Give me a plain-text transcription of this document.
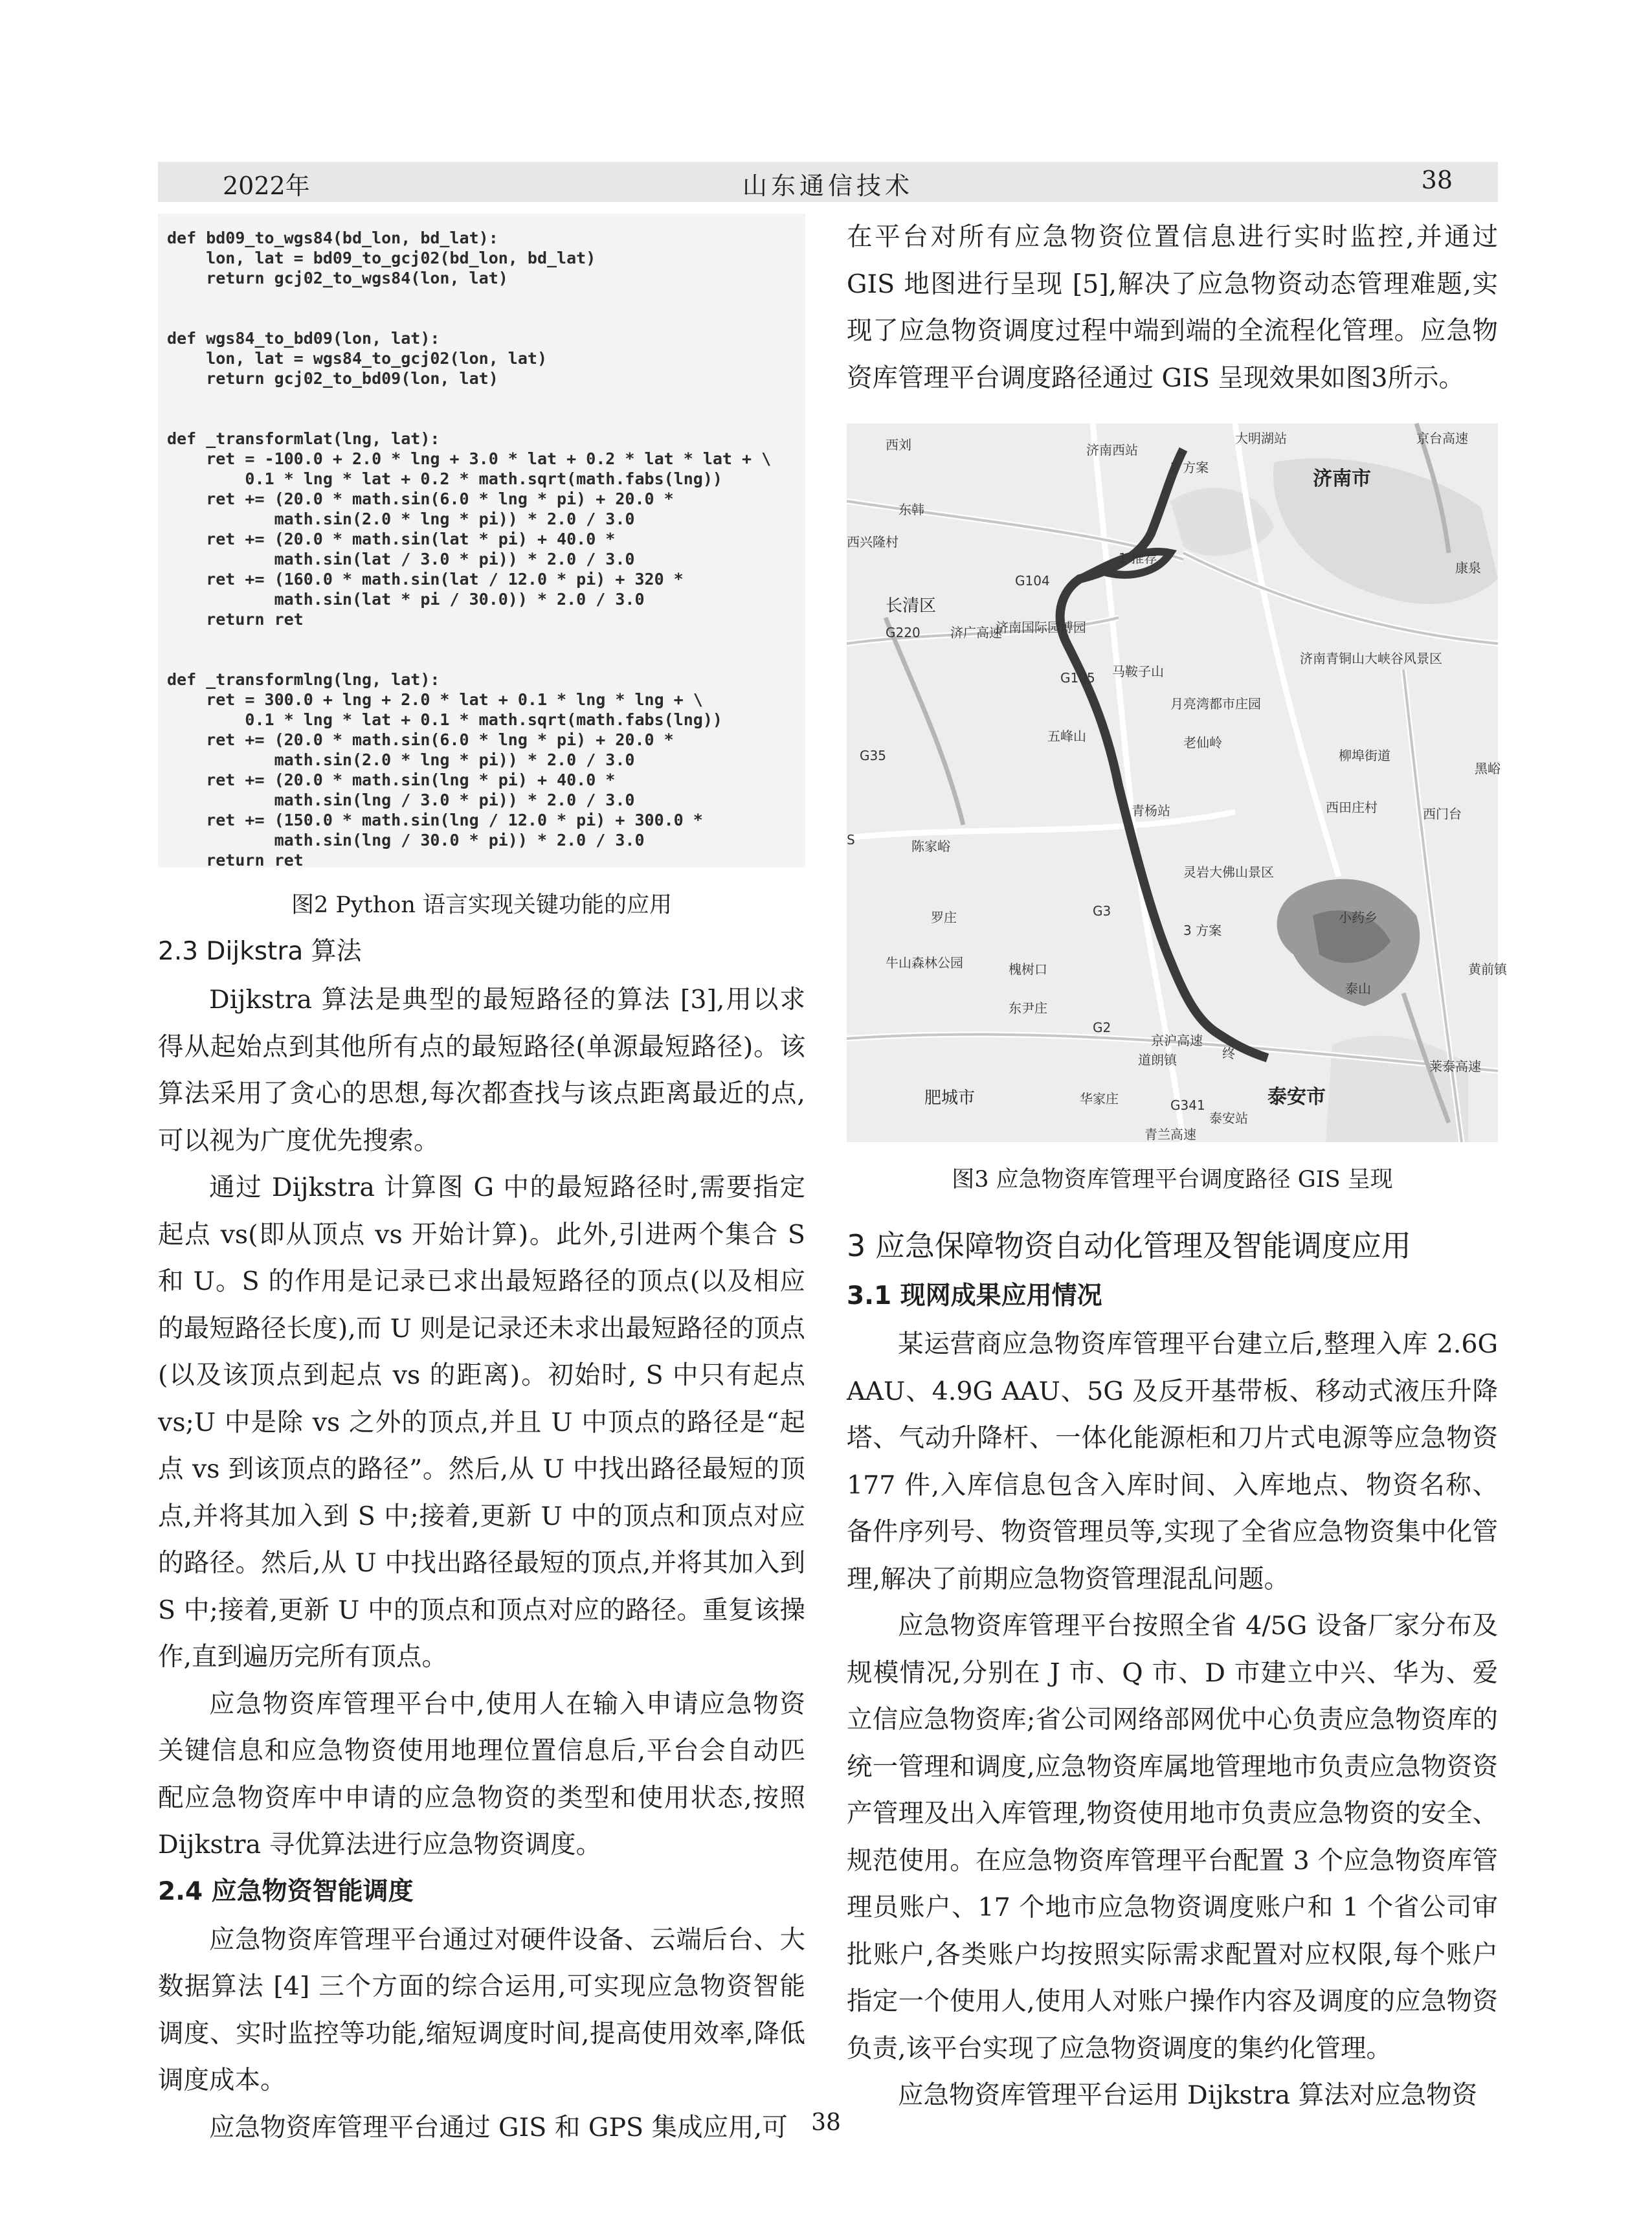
2022年	山东通信技术	38
def bd09_to_wgs84(bd_lon, bd_lat):
lon, lat = bd09_to_gcj02(bd_lon, bd_lat)
return gcj02_to_wgs84(lon, lat)

def wgs84_to_bd09(lon, lat):
lon, lat = wgs84_to_gcj02(lon, lat)
return gcj02_to_bd09(lon, lat)

def _transformlat(lng, lat):
ret = -100.0 + 2.0 * lng + 3.0 * lat + 0.2 * lat * lat + \
0.1 * lng * lat + 0.2 * math.sqrt(math.fabs(lng))
ret += (20.0 * math.sin(6.0 * lng * pi) + 20.0 *
math.sin(2.0 * lng * pi)) * 2.0 / 3.0
ret += (20.0 * math.sin(lat * pi) + 40.0 *
math.sin(lat / 3.0 * pi)) * 2.0 / 3.0
ret += (160.0 * math.sin(lat / 12.0 * pi) + 320 *
math.sin(lat * pi / 30.0)) * 2.0 / 3.0
return ret

def _transformlng(lng, lat):
ret = 300.0 + lng + 2.0 * lat + 0.1 * lng * lng + \
0.1 * lng * lat + 0.1 * math.sqrt(math.fabs(lng))
ret += (20.0 * math.sin(6.0 * lng * pi) + 20.0 *
math.sin(2.0 * lng * pi)) * 2.0 / 3.0
ret += (20.0 * math.sin(lng * pi) + 40.0 *
math.sin(lng / 3.0 * pi)) * 2.0 / 3.0
ret += (150.0 * math.sin(lng / 12.0 * pi) + 300.0 *
math.sin(lng / 30.0 * pi)) * 2.0 / 3.0
return ret
图2 Python 语言实现关键功能的应用
2.3 Dijkstra 算法

Dijkstra 算法是典型的最短路径的算法 [3],用以求得从起始点到其他所有点的最短路径(单源最短路径)。该算法采用了贪心的思想,每次都查找与该点距离最近的点,可以视为广度优先搜索。

通过 Dijkstra 计算图 G 中的最短路径时,需要指定起点 vs(即从顶点 vs 开始计算)。此外,引进两个集合 S 和 U。S 的作用是记录已求出最短路径的顶点(以及相应的最短路径长度),而 U 则是记录还未求出最短路径的顶点(以及该顶点到起点 vs 的距离)。初始时, S 中只有起点 vs;U 中是除 vs 之外的顶点,并且 U 中顶点的路径是“起点 vs 到该顶点的路径”。然后,从 U 中找出路径最短的顶点,并将其加入到 S 中;接着,更新 U 中的顶点和顶点对应的路径。然后,从 U 中找出路径最短的顶点,并将其加入到 S 中;接着,更新 U 中的顶点和顶点对应的路径。重复该操作,直到遍历完所有顶点。

应急物资库管理平台中,使用人在输入申请应急物资关键信息和应急物资使用地理位置信息后,平台会自动匹配应急物资库中申请的应急物资的类型和使用状态,按照 Dijkstra 寻优算法进行应急物资调度。

2.4 应急物资智能调度

应急物资库管理平台通过对硬件设备、云端后台、大数据算法 [4] 三个方面的综合运用,可实现应急物资智能调度、实时监控等功能,缩短调度时间,提高使用效率,降低调度成本。

应急物资库管理平台通过 GIS 和 GPS 集成应用,可

在平台对所有应急物资位置信息进行实时监控,并通过 GIS 地图进行呈现 [5],解决了应急物资动态管理难题,实现了应急物资调度过程中端到端的全流程化管理。应急物资库管理平台调度路径通过 GIS 呈现效果如图3所示。

西刘	济南西站
大明湖站	京台高速
2 方案	济南市
东韩
西兴隆村
1 推荐
康泉
长清区
济南国际园博园
济广高速
济南青铜山大峡谷风景区
马鞍子山
月亮湾都市庄园
五峰山	老仙岭
柳埠街道
黑峪
青杨站	西田庄村	西门台
陈家峪
灵岩大佛山景区
罗庄	小药乡
3 方案
牛山森林公园	槐树口	黄前镇
泰山
东尹庄
道朗镇	终
莱泰高速
肥城市	华家庄	泰安市
泰安站
青兰高速
京沪高速
G104
G220
G105
G35
G3
G341
G2
S
图3 应急物资库管理平台调度路径 GIS 呈现
3 应急保障物资自动化管理及智能调度应用
3.1 现网成果应用情况

某运营商应急物资库管理平台建立后,整理入库 2.6G AAU、4.9G AAU、5G 及反开基带板、移动式液压升降塔、气动升降杆、一体化能源柜和刀片式电源等应急物资 177 件,入库信息包含入库时间、入库地点、物资名称、备件序列号、物资管理员等,实现了全省应急物资集中化管理,解决了前期应急物资管理混乱问题。

应急物资库管理平台按照全省 4/5G 设备厂家分布及规模情况,分别在 J 市、Q 市、D 市建立中兴、华为、爱立信应急物资库;省公司网络部网优中心负责应急物资库的统一管理和调度,应急物资库属地管理地市负责应急物资资产管理及出入库管理,物资使用地市负责应急物资的安全、规范使用。在应急物资库管理平台配置 3 个应急物资库管理员账户、17 个地市应急物资调度账户和 1 个省公司审批账户,各类账户均按照实际需求配置对应权限,每个账户指定一个使用人,使用人对账户操作内容及调度的应急物资负责,该平台实现了应急物资调度的集约化管理。

应急物资库管理平台运用 Dijkstra 算法对应急物资

38
